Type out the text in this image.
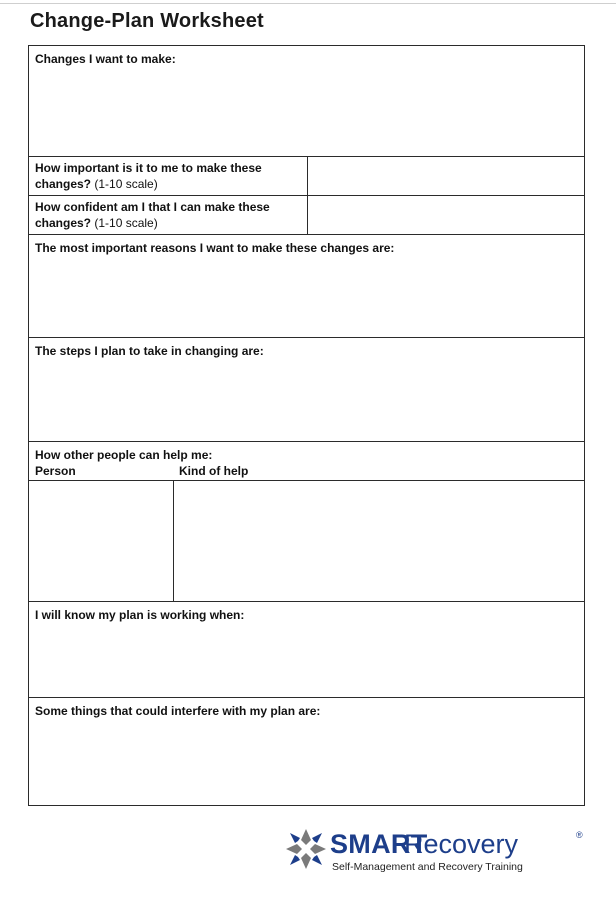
Change-Plan Worksheet
Changes I want to make:
How important is it to me to make these changes? (1-10 scale)
How confident am I that I can make these changes? (1-10 scale)
The most important reasons I want to make these changes are:
The steps I plan to take in changing are:
How other people can help me:
Person	Kind of help
I will know my plan is working when:
Some things that could interfere with my plan are:
SMART
Recovery	®
Self-Management and Recovery Training
